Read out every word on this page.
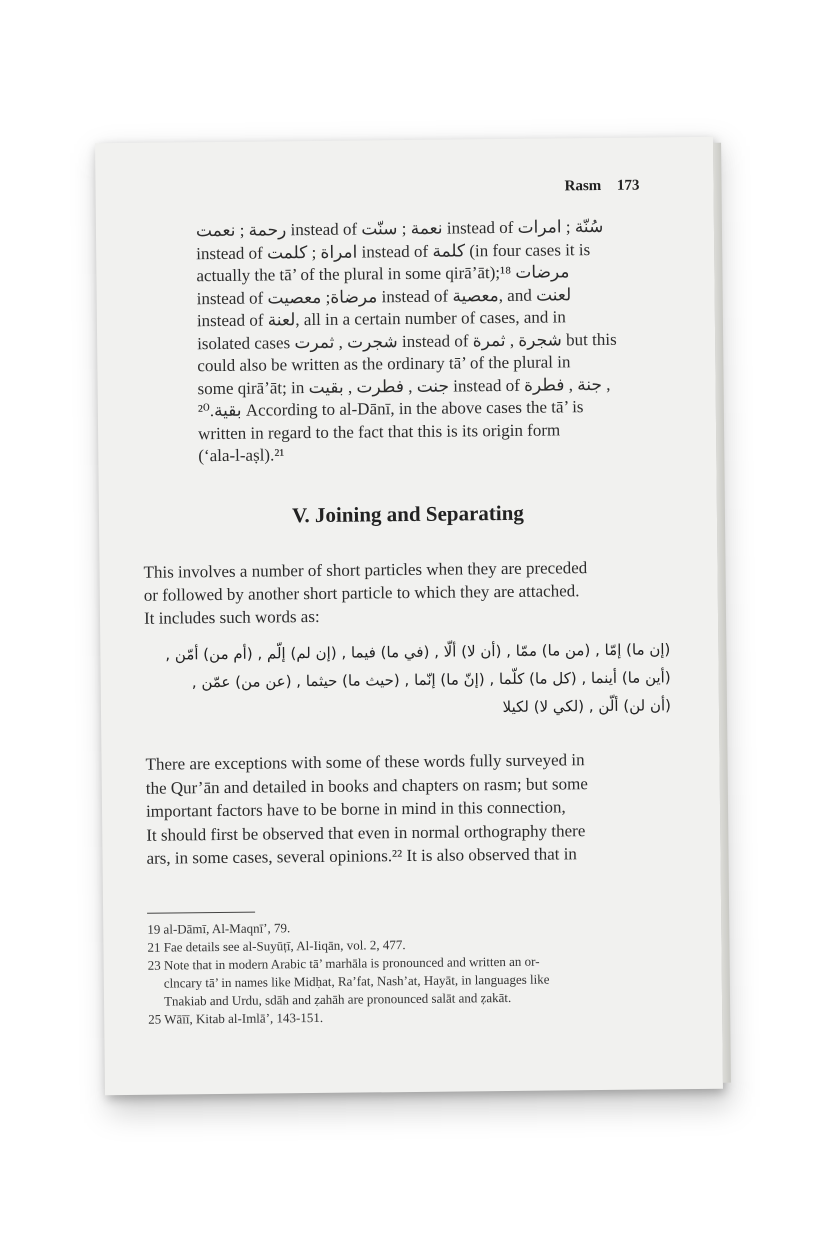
Rasm 173

رحمة ; نعمت instead of نعمة ; سنّت instead of سُنّة ; امرات

instead of امراة ; كلمت instead of كلمة (in four cases it is

actually the tā’ of the plural in some qirā’āt);¹⁸ مرضات

instead of مرضاة; معصيت instead of معصية, and لعنت

instead of لعنة, all in a certain number of cases, and in

isolated cases شجرت , ثمرت instead of شجرة , ثمرة but this

could also be written as the ordinary tā’ of the plural in

some qirā’āt; in جنت , فطرت , بقيت instead of جنة , فطرة ,

بقية.²⁰ According to al-Dānī, in the above cases the tā’ is

written in regard to the fact that this is its origin form

(‘ala-l-aṣl).²¹

V. Joining and Separating

This involves a number of short particles when they are preceded

or followed by another short particle to which they are attached.

It includes such words as:

(إن ما) إمّا , (من ما) ممّا , (أن لا) ألّا , (في ما) فيما , (إن لم) إلّم , (أم من) أمّن ,
(أين ما) أينما , (كل ما) كلّما , (إنّ ما) إنّما , (حيث ما) حيثما , (عن من) عمّن ,
(أن لن) ألّن , (لكي لا) لكيلا

There are exceptions with some of these words fully surveyed in

the Qur’ān and detailed in books and chapters on rasm; but some

important factors have to be borne in mind in this connection,

It should first be observed that even in normal orthography there

ars, in some cases, several opinions.²² It is also observed that in

19 al-Dāmī, Al-Maqnī’, 79.
21 Fae details see al-Suyūṭī, Al-Iiqān, vol. 2, 477.
23 Note that in modern Arabic tā’ marhāla is pronounced and written an or-
clncary tā’ in names like Midḥat, Ra’fat, Nash’at, Hayāt, in languages like
Tnakiab and Urdu, sdāh and ẓahāh are pronounced salāt and ẓakāt.
25 Wāīī, Kitab al-Imlā’, 143-151.
